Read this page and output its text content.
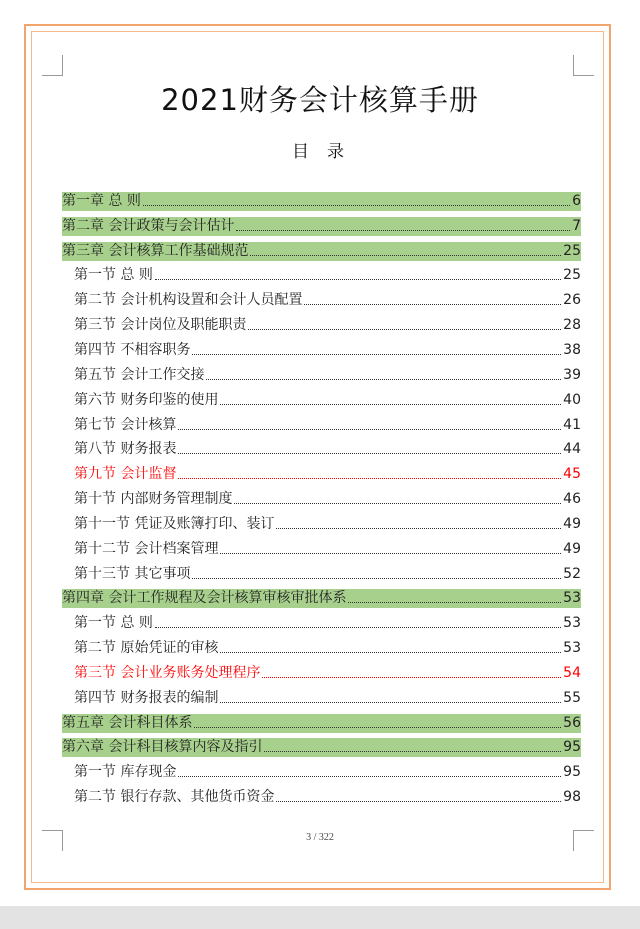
2021财务会计核算手册
目录
第一章 总 则	6
第二章 会计政策与会计估计	7
第三章 会计核算工作基础规范	25
第一节 总 则	25
第二节 会计机构设置和会计人员配置	26
第三节 会计岗位及职能职责	28
第四节 不相容职务	38
第五节 会计工作交接	39
第六节 财务印鉴的使用	40
第七节 会计核算	41
第八节 财务报表	44
第九节 会计监督	45
第十节 内部财务管理制度	46
第十一节 凭证及账簿打印、装订	49
第十二节 会计档案管理	49
第十三节 其它事项	52
第四章 会计工作规程及会计核算审核审批体系	53
第一节 总 则	53
第二节 原始凭证的审核	53
第三节 会计业务账务处理程序	54
第四节 财务报表的编制	55
第五章 会计科目体系	56
第六章 会计科目核算内容及指引	95
第一节 库存现金	95
第二节 银行存款、其他货币资金	98
3 / 322
